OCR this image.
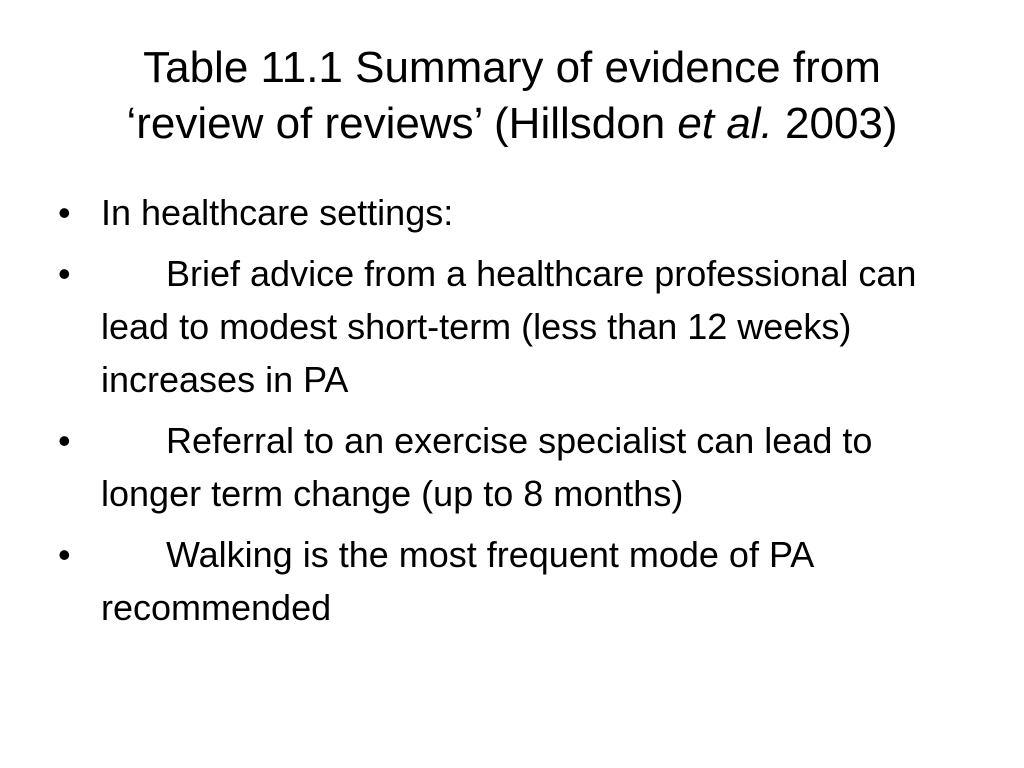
Table 11.1 Summary of evidence from
‘review of reviews’ (Hillsdon et al. 2003)
• In healthcare settings:
•	Brief advice from a healthcare professional can lead to modest short-term (less than 12 weeks) increases in PA
•	Referral to an exercise specialist can lead to longer term change (up to 8 months)
•	Walking is the most frequent mode of PA recommended
